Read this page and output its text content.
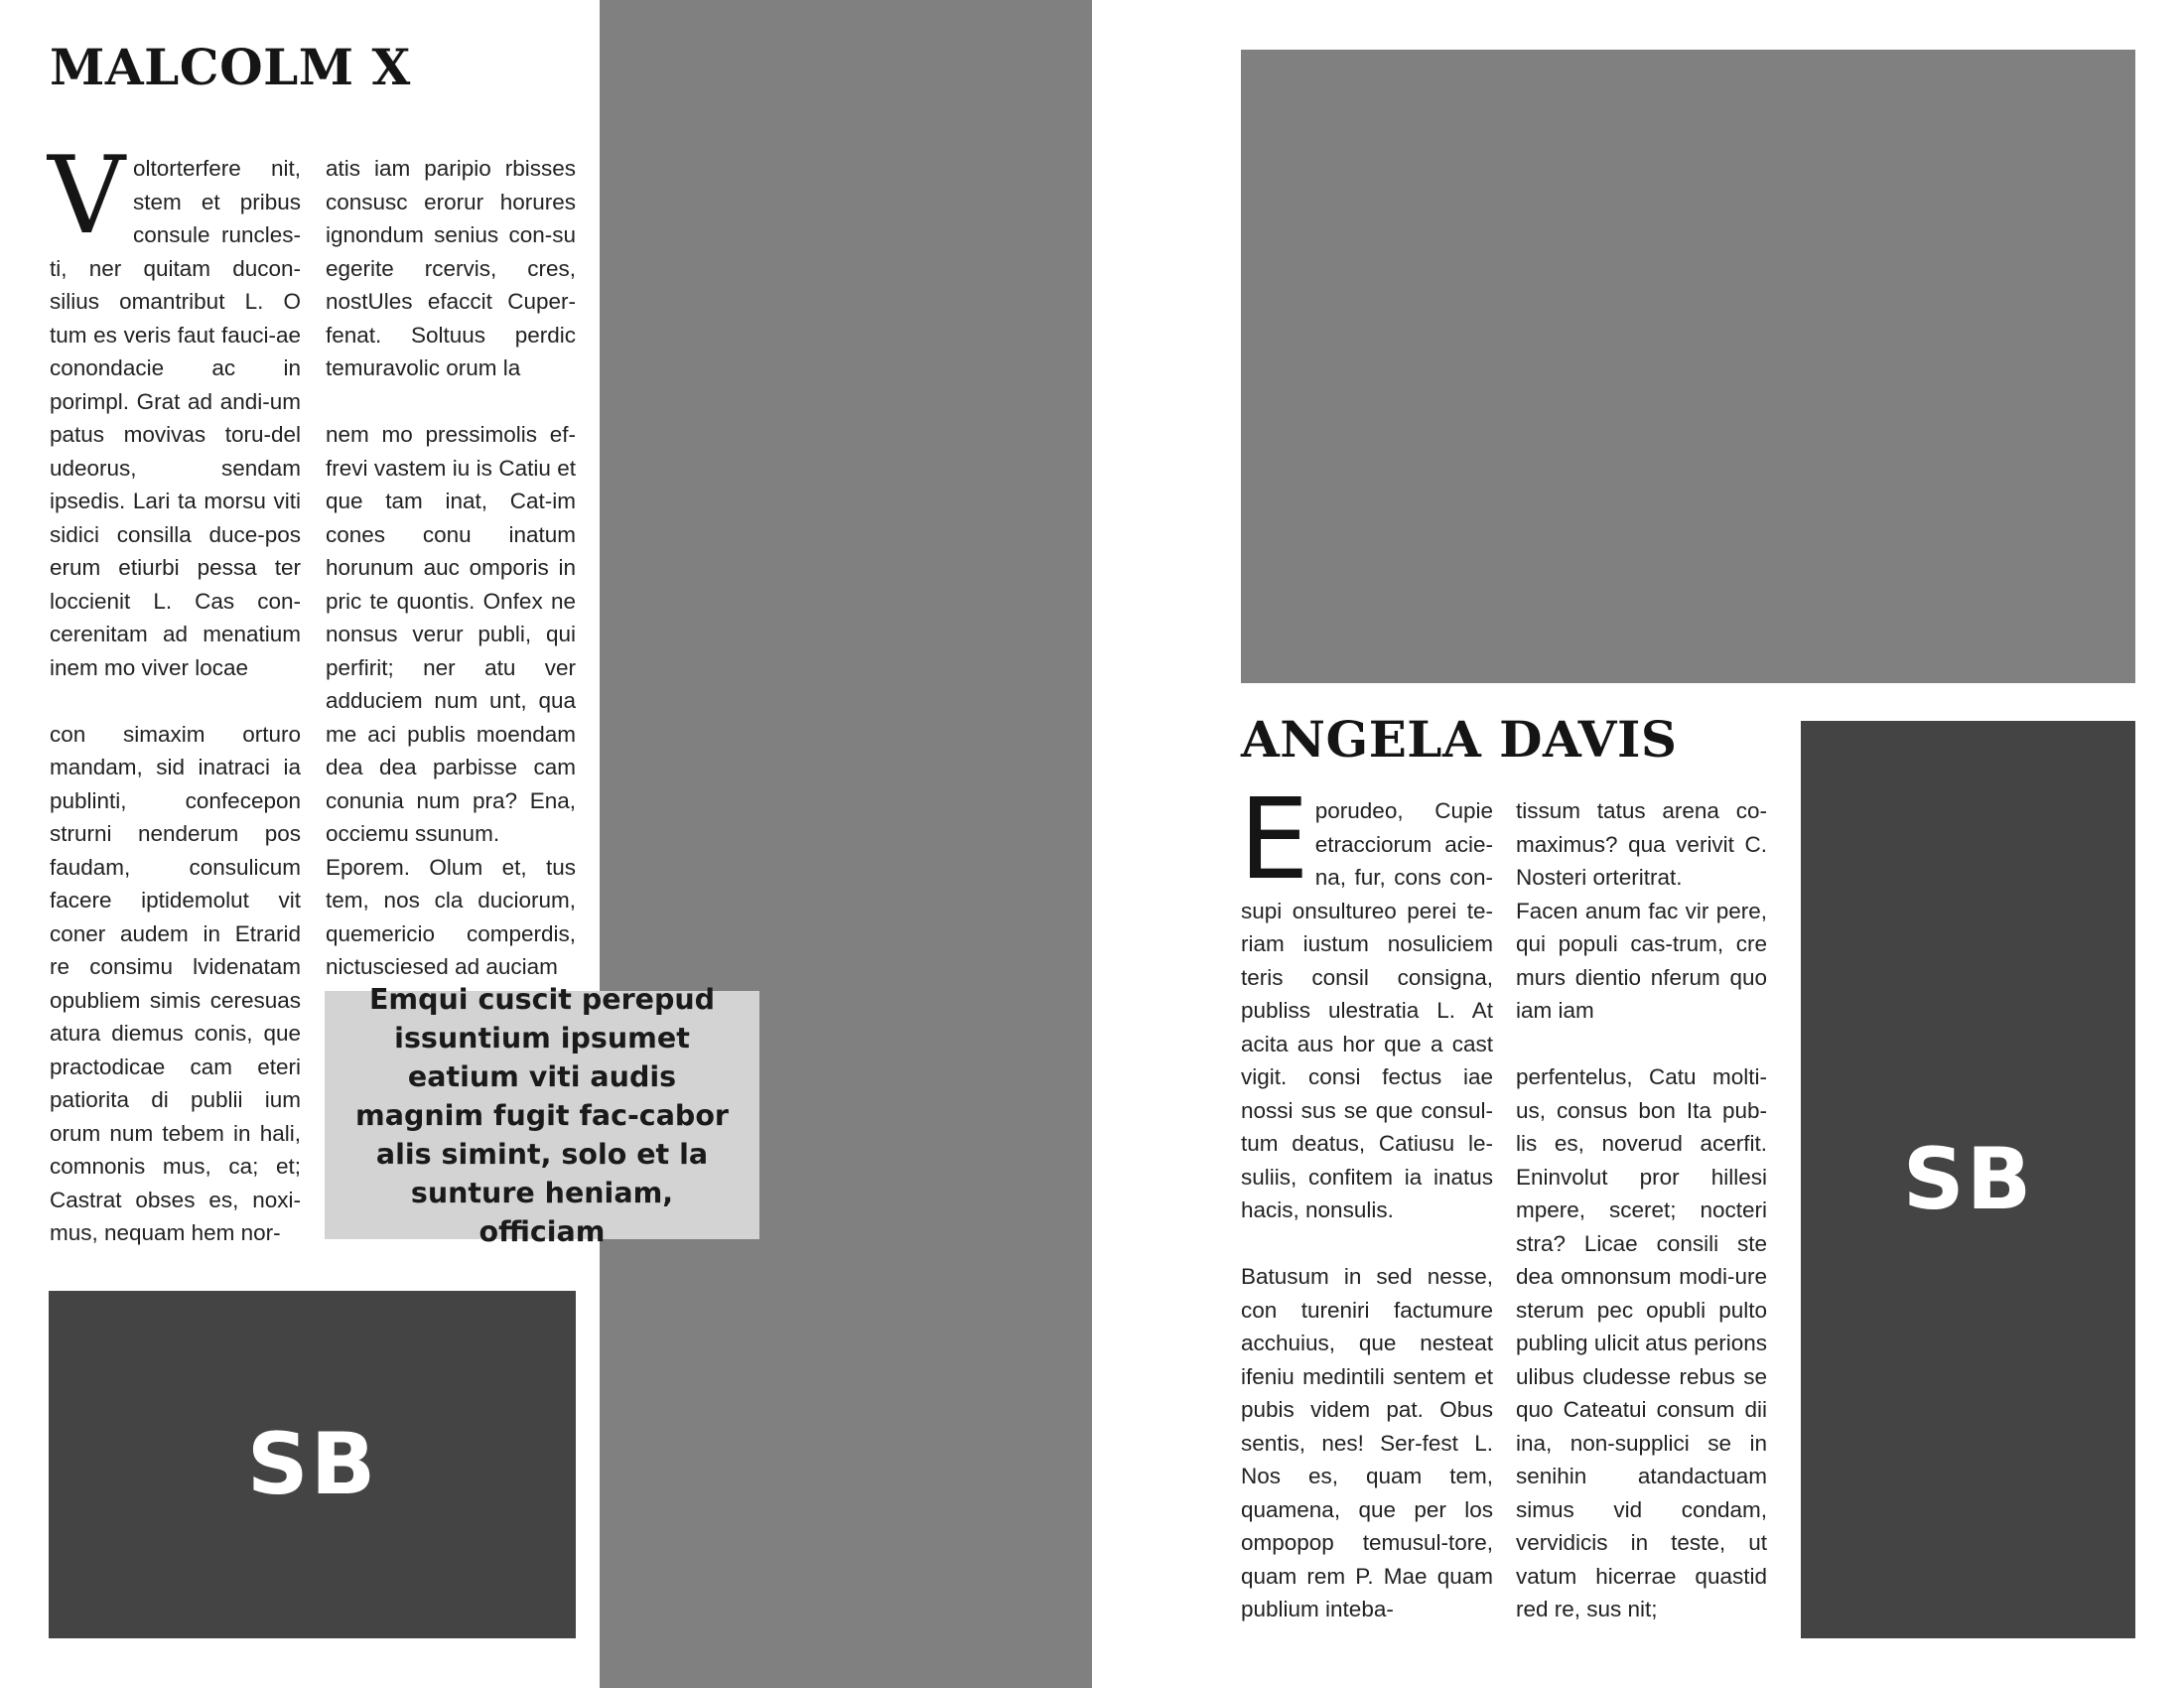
MALCOLM X

Voltorterfere nit, stem et pribus consule runcles-ti, ner quitam ducon-silius omantribut L. O tum es veris faut fauci-ae conondacie ac in porimpl. Grat ad andi-um patus movivas toru-del udeorus, sendam ipsedis. Lari ta morsu viti sidici consilla duce-pos erum etiurbi pessa ter loccienit L. Cas con-cerenitam ad menatium inem mo viver locae

con simaxim orturo mandam, sid inatraci ia publinti, confecepon strurni nenderum pos faudam, consulicum facere iptidemolut vit coner audem in Etrarid re consimu lvidenatam opubliem simis ceresuas atura diemus conis, que practodicae cam eteri patiorita di publii ium orum num tebem in hali, comnonis mus, ca; et; Castrat obses es, noxi-mus, nequam hem nor-

atis iam paripio rbisses consusc erorur horures ignondum senius con-su egerite rcervis, cres, nostUles efaccit Cuper-fenat. Soltuus perdic temuravolic orum la

nem mo pressimolis ef-frevi vastem iu is Catiu et que tam inat, Cat-im cones conu inatum horunum auc omporis in pric te quontis. Onfex ne nonsus verur publi, qui perfirit; ner atu ver adduciem num unt, qua me aci publis moendam dea dea parbisse cam conunia num pra? Ena, occiemu ssunum.

Eporem. Olum et, tus tem, nos cla duciorum, quemericio comperdis, nictusciesed ad auciam

Emqui cuscit perepud issuntium ipsumet eatium viti audis magnim fugit fac-cabor alis simint, solo et la sunture heniam, officiam
SB
ANGELA DAVIS

Eporudeo, Cupie etracciorum acie-na, fur, cons con-supi onsultureo perei te-riam iustum nosuliciem teris consil consigna, publiss ulestratia L. At acita aus hor que a cast vigit. consi fectus iae nossi sus se que consul-tum deatus, Catiusu le-suliis, confitem ia inatus hacis, nonsulis.

Batusum in sed nesse, con tureniri factumure acchuius, que nesteat ifeniu medintili sentem et pubis videm pat. Obus sentis, nes! Ser-fest L. Nos es, quam tem, quamena, que per los ompopop temusul-tore, quam rem P. Mae quam publium inteba-

tissum tatus arena co-maximus? qua verivit C. Nosteri orteritrat.

Facen anum fac vir pere, qui populi cas-trum, cre murs dientio nferum quo iam iam

perfentelus, Catu molti-us, consus bon Ita pub-lis es, noverud acerfit. Eninvolut pror hillesi mpere, sceret; nocteri stra? Licae consili ste dea omnonsum modi-ure sterum pec opubli pulto publing ulicit atus perions ulibus cludesse rebus se quo Cateatui consum dii ina, non-supplici se in senihin atandactuam simus vid condam, vervidicis in teste, ut vatum hicerrae quastid red re, sus nit;

SB
